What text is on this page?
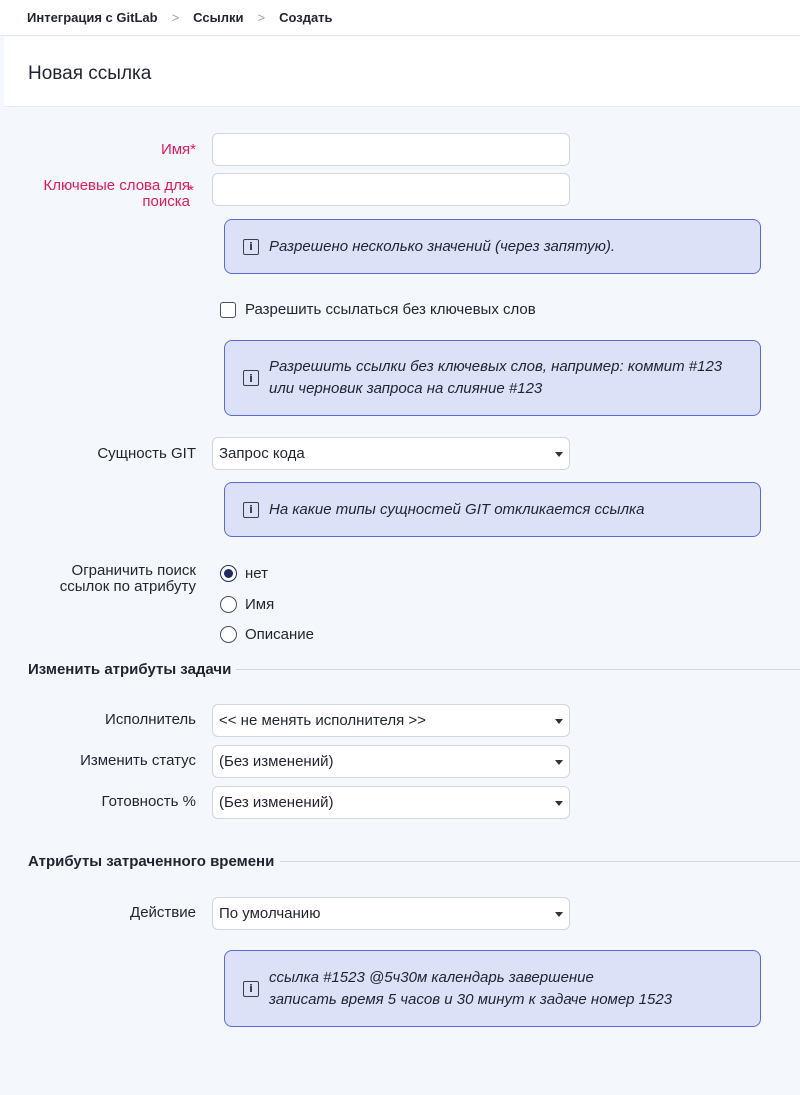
Интеграция с GitLab > Ссылки > Создать
Новая ссылка
Имя*
Ключевые слова для
поиска
*
i	Разрешено несколько значений (через запятую).
Разрешить ссылаться без ключевых слов
i
Разрешить ссылки без ключевых слов, например: коммит #123
или черновик запроса на слияние #123
Сущность GIT	Запрос кода
i	На какие типы сущностей GIT откликается ссылка
Ограничить поиск
ссылок по атрибуту
нет
Имя
Описание
Изменить атрибуты задачи
Исполнитель	<< не менять исполнителя >>
Изменить статус	(Без изменений)
Готовность %	(Без изменений)
Атрибуты затраченного времени
Действие	По умолчанию
i
ссылка #1523 @5ч30м календарь завершение
записать время 5 часов и 30 минут к задаче номер 1523
